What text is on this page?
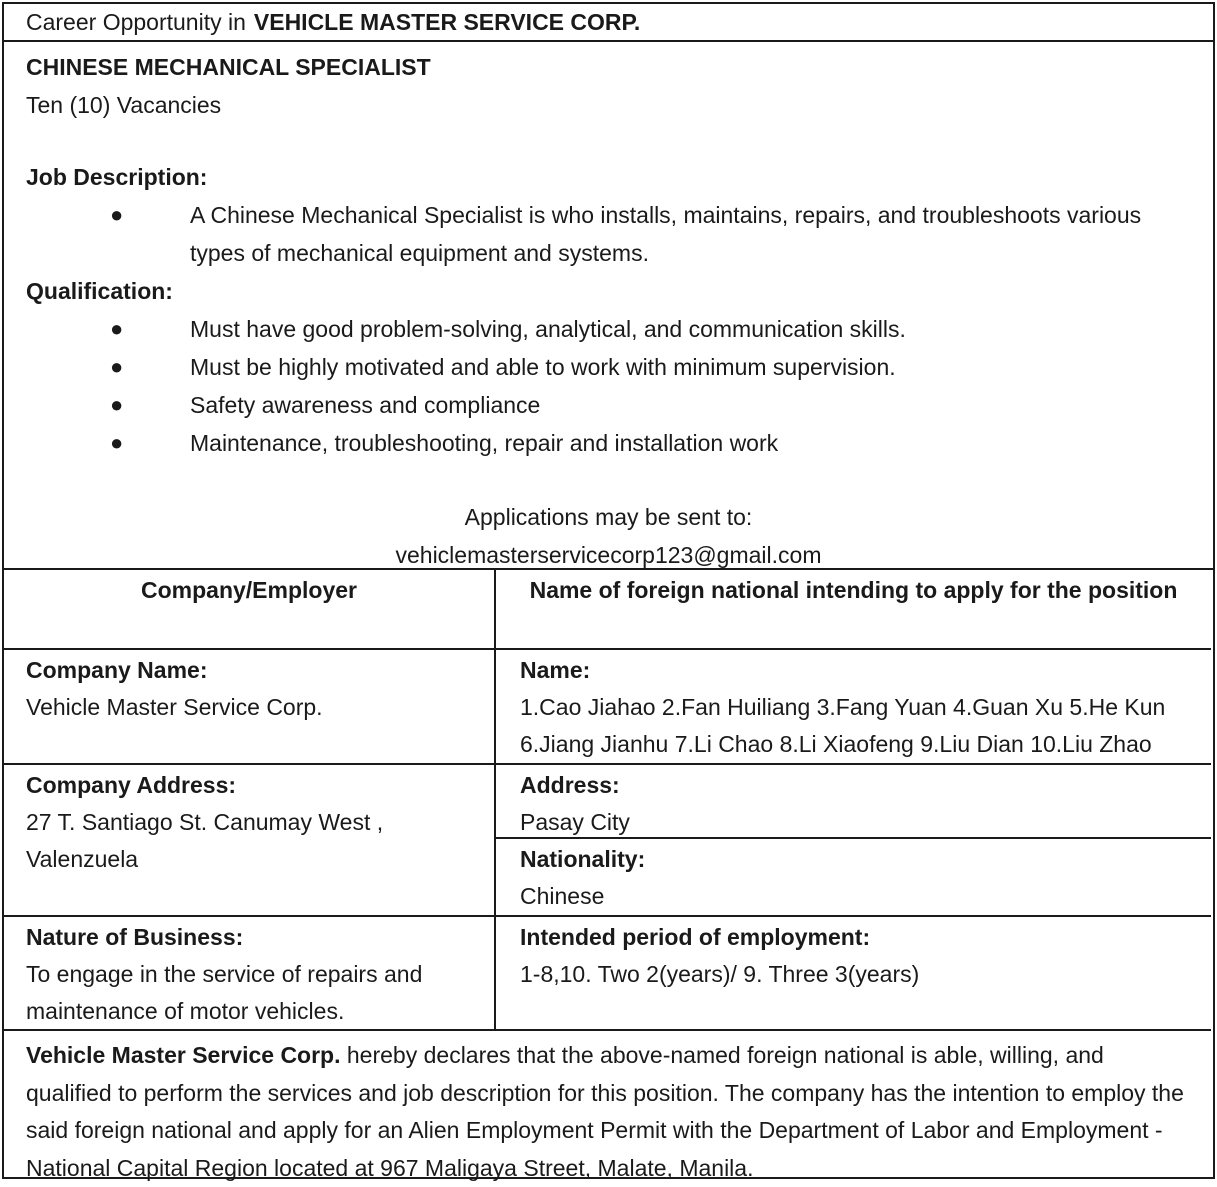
Career Opportunity in VEHICLE MASTER SERVICE CORP.
CHINESE MECHANICAL SPECIALIST
Ten (10) Vacancies
Job Description:
●	A Chinese Mechanical Specialist is who installs, maintains, repairs, and troubleshoots various types of mechanical equipment and systems.
Qualification:
●	Must have good problem-solving, analytical, and communication skills.
●	Must be highly motivated and able to work with minimum supervision.
●	Safety awareness and compliance
●	Maintenance, troubleshooting, repair and installation work
Applications may be sent to:
vehiclemasterservicecorp123@gmail.com
Company/Employer	Name of foreign national intending to apply for the position
Company Name:
Vehicle Master Service Corp.
Name:
1.Cao Jiahao 2.Fan Huiliang 3.Fang Yuan 4.Guan Xu 5.He Kun
6.Jiang Jianhu 7.Li Chao 8.Li Xiaofeng 9.Liu Dian 10.Liu Zhao
Company Address:
27 T. Santiago St. Canumay West ,
Valenzuela
Address:
Pasay City
Nationality:
Chinese
Nature of Business:
To engage in the service of repairs and maintenance of motor vehicles.
Intended period of employment:
1-8,10. Two 2(years)/ 9. Three 3(years)
Vehicle Master Service Corp. hereby declares that the above-named foreign national is able, willing, and qualified to perform the services and job description for this position. The company has the intention to employ the said foreign national and apply for an Alien Employment Permit with the Department of Labor and Employment - National Capital Region located at 967 Maligaya Street, Malate, Manila.
